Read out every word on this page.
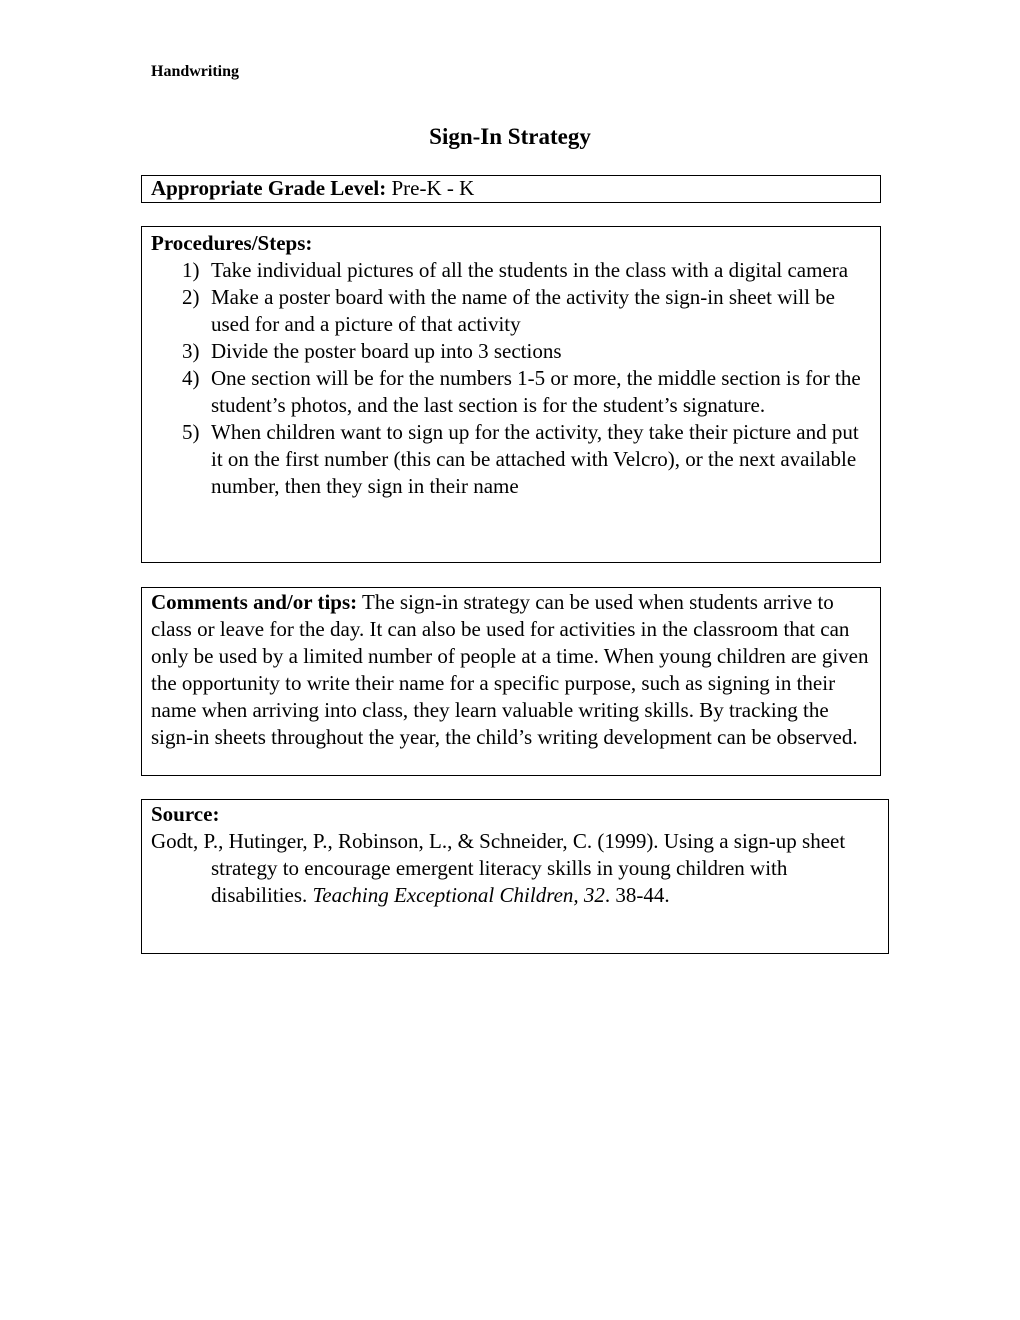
Handwriting
Sign-In Strategy
Appropriate Grade Level: Pre-K - K
Procedures/Steps:
1) Take individual pictures of all the students in the class with a digital camera
2) Make a poster board with the name of the activity the sign-in sheet will be used for and a picture of that activity
3) Divide the poster board up into 3 sections
4) One section will be for the numbers 1-5 or more, the middle section is for the student’s photos, and the last section is for the student’s signature.
5) When children want to sign up for the activity, they take their picture and put it on the first number (this can be attached with Velcro), or the next available number, then they sign in their name
Comments and/or tips: The sign-in strategy can be used when students arrive to class or leave for the day. It can also be used for activities in the classroom that can only be used by a limited number of people at a time. When young children are given the opportunity to write their name for a specific purpose, such as signing in their name when arriving into class, they learn valuable writing skills. By tracking the sign-in sheets throughout the year, the child’s writing development can be observed.
Source:
Godt, P., Hutinger, P., Robinson, L., & Schneider, C. (1999). Using a sign-up sheet strategy to encourage emergent literacy skills in young children with disabilities. Teaching Exceptional Children, 32. 38-44.
